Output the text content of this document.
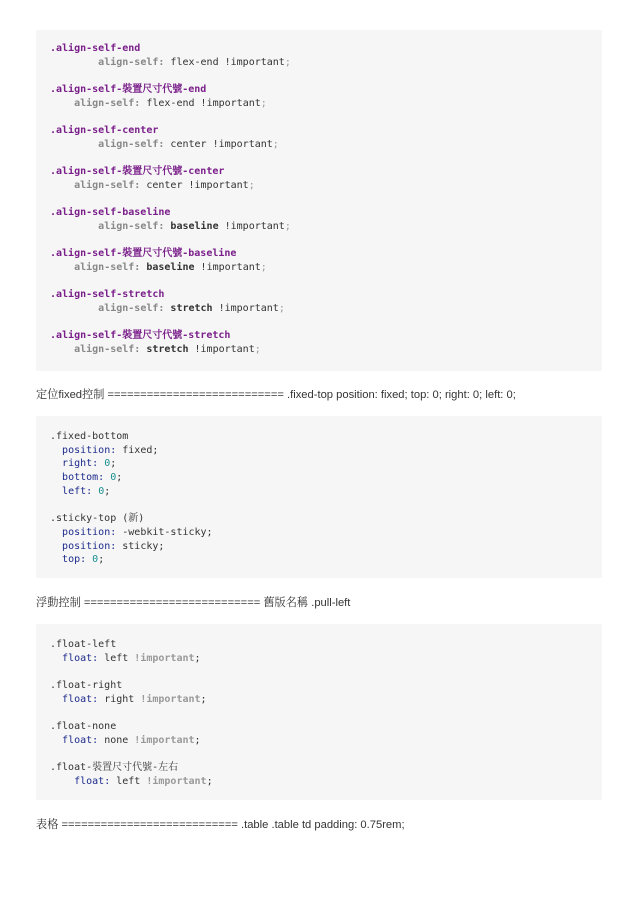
.align-self-end
align-self: flex-end !important;
.align-self-裝置尺寸代號-end
align-self: flex-end !important;
.align-self-center
align-self: center !important;
.align-self-裝置尺寸代號-center
align-self: center !important;
.align-self-baseline
align-self: baseline !important;
.align-self-裝置尺寸代號-baseline
align-self: baseline !important;
.align-self-stretch
align-self: stretch !important;
.align-self-裝置尺寸代號-stretch
align-self: stretch !important;
定位fixed控制 =========================== .fixed-top position: fixed; top: 0; right: 0; left: 0;
.fixed-bottom
position: fixed;
right: 0;
bottom: 0;
left: 0;
.sticky-top (新)
position: -webkit-sticky;
position: sticky;
top: 0;
浮動控制 =========================== 舊版名稱 .pull-left
.float-left
float: left !important;
.float-right
float: right !important;
.float-none
float: none !important;
.float-裝置尺寸代號-左右
float: left !important;
表格 =========================== .table .table td padding: 0.75rem;
